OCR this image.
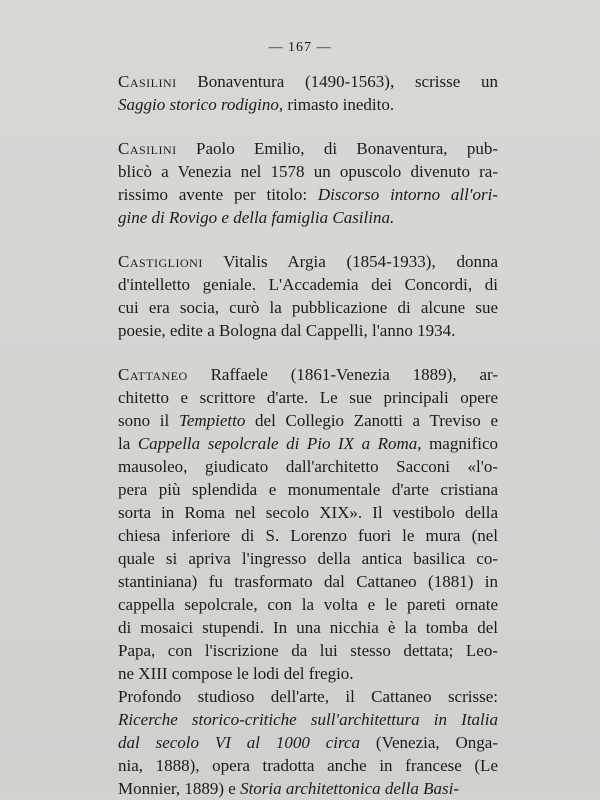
— 167 —
Casilini Bonaventura (1490-1563), scrisse un
Saggio storico rodigino, rimasto inedito.
Casilini Paolo Emilio, di Bonaventura, pub-
blicò a Venezia nel 1578 un opuscolo divenuto ra-
rissimo avente per titolo: Discorso intorno all'ori-
gine di Rovigo e della famiglia Casilina.
Castiglioni Vitalis Argia (1854-1933), donna
d'intelletto geniale. L'Accademia dei Concordi, di
cui era socia, curò la pubblicazione di alcune sue
poesie, edite a Bologna dal Cappelli, l'anno 1934.
Cattaneo Raffaele (1861-Venezia 1889), ar-
chitetto e scrittore d'arte. Le sue principali opere
sono il Tempietto del Collegio Zanotti a Treviso e
la Cappella sepolcrale di Pio IX a Roma, magnifico
mausoleo, giudicato dall'architetto Sacconi «l'o-
pera più splendida e monumentale d'arte cristiana
sorta in Roma nel secolo XIX». Il vestibolo della
chiesa inferiore di S. Lorenzo fuori le mura (nel
quale si apriva l'ingresso della antica basilica co-
stantiniana) fu trasformato dal Cattaneo (1881) in
cappella sepolcrale, con la volta e le pareti ornate
di mosaici stupendi. In una nicchia è la tomba del
Papa, con l'iscrizione da lui stesso dettata; Leo-
ne XIII compose le lodi del fregio.
Profondo studioso dell'arte, il Cattaneo scrisse:
Ricerche storico-critiche sull'architettura in Italia
dal secolo VI al 1000 circa (Venezia, Onga-
nia, 1888), opera tradotta anche in francese (Le
Monnier, 1889) e Storia architettonica della Basi-
